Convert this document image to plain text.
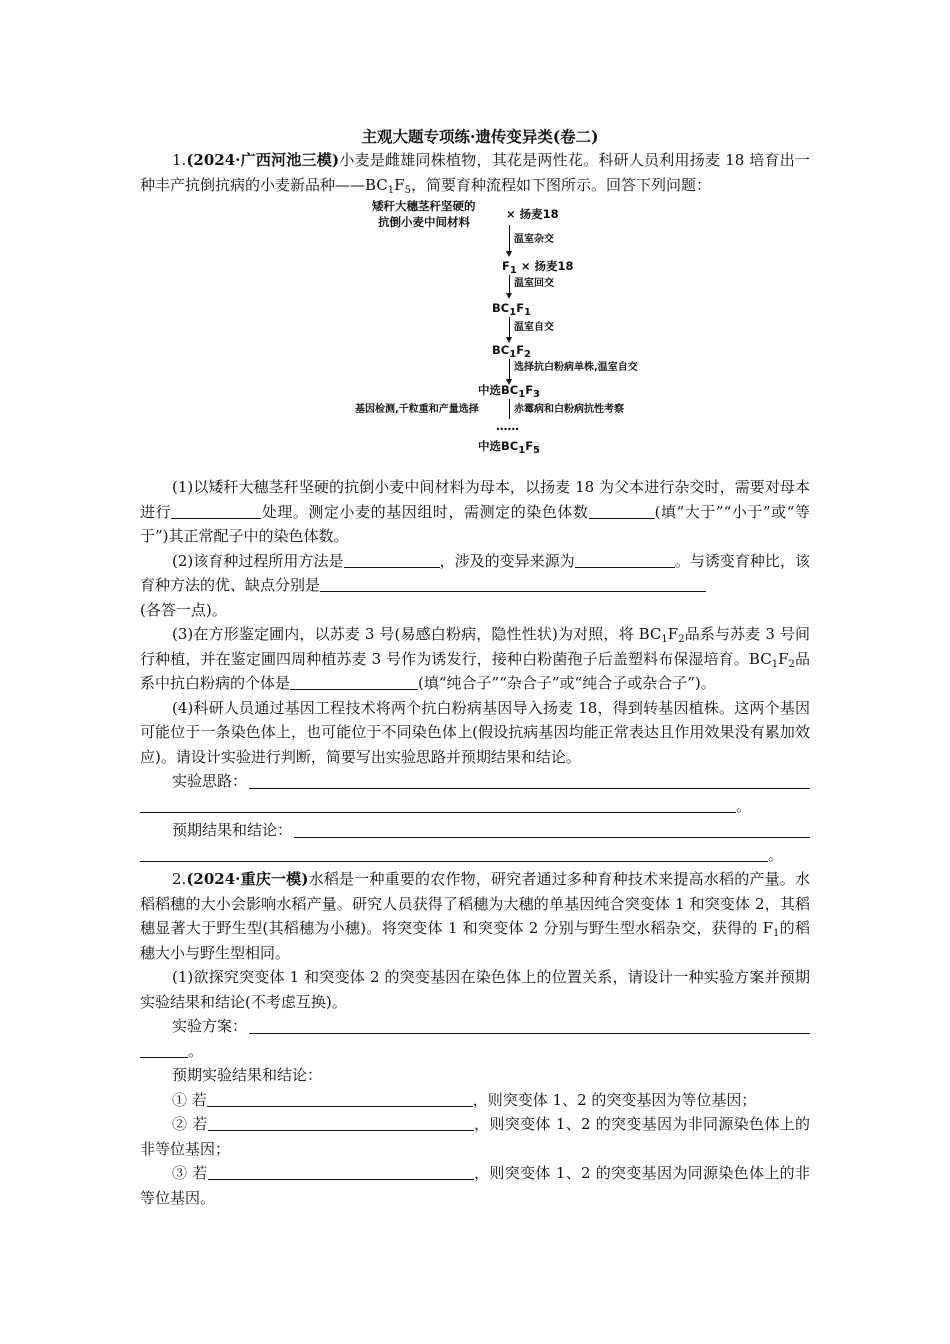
主观大题专项练·遗传变异类(卷二)

1.(2024·广西河池三模)小麦是雌雄同株植物，其花是两性花。科研人员利用扬麦 18 培育出一种丰产抗倒抗病的小麦新品种$——BC_1F_5$，简要育种流程如下图所示。回答下列问题：

矮秆大穗茎秆坚硬的
抗倒小麦中间材料
× 扬麦18
温室杂交
$F_1$ × 扬麦18
温室回交
$BC_1F_1$
温室自交
$BC_1F_2$
选择抗白粉病单株,温室自交
中选$BC_1F_3$
基因检测,千粒重和产量选择	赤霉病和白粉病抗性考察
……
中选$BC_1F_5$

(1)以矮秆大穗茎秆坚硬的抗倒小麦中间材料为母本，以扬麦 18 为父本进行杂交时，需要对母本进行	处理。测定小麦的基因组时，需测定的染色体数	(填“大于”“小于”或“等于”)其正常配子中的染色体数。

(2)该育种过程所用方法是	，涉及的变异来源为	。与诱变育种比，该育种方法的优、缺点分别是
(各答一点)。

(3)在方形鉴定圃内，以苏麦 3 号(易感白粉病，隐性性状)为对照，将 $BC_1F_2$品系与苏麦 3 号间行种植，并在鉴定圃四周种植苏麦 3 号作为诱发行，接种白粉菌孢子后盖塑料布保湿培育。$BC_1F_2$品系中抗白粉病的个体是	(填“纯合子”“杂合子”或“纯合子或杂合子”)。

(4)科研人员通过基因工程技术将两个抗白粉病基因导入扬麦 18，得到转基因植株。这两个基因可能位于一条染色体上，也可能位于不同染色体上(假设抗病基因均能正常表达且作用效果没有累加效应)。请设计实验进行判断，简要写出实验思路并预期结果和结论。

实验思路：

。

预期结果和结论：

。

2.(2024·重庆一模)水稻是一种重要的农作物，研究者通过多种育种技术来提高水稻的产量。水稻稻穗的大小会影响水稻产量。研究人员获得了稻穗为大穗的单基因纯合突变体 1 和突变体 2，其稻穗显著大于野生型(其稻穗为小穗)。将突变体 1 和突变体 2 分别与野生型水稻杂交，获得的 $F_1$的稻穗大小与野生型相同。

(1)欲探究突变体 1 和突变体 2 的突变基因在染色体上的位置关系，请设计一种实验方案并预期实验结果和结论(不考虑互换)。

实验方案：

。

预期实验结果和结论：

① 若	，则突变体 1、2 的突变基因为等位基因；

② 若	，则突变体 1、2 的突变基因为非同源染色体上的非等位基因；

③ 若	，则突变体 1、2 的突变基因为同源染色体上的非等位基因。
